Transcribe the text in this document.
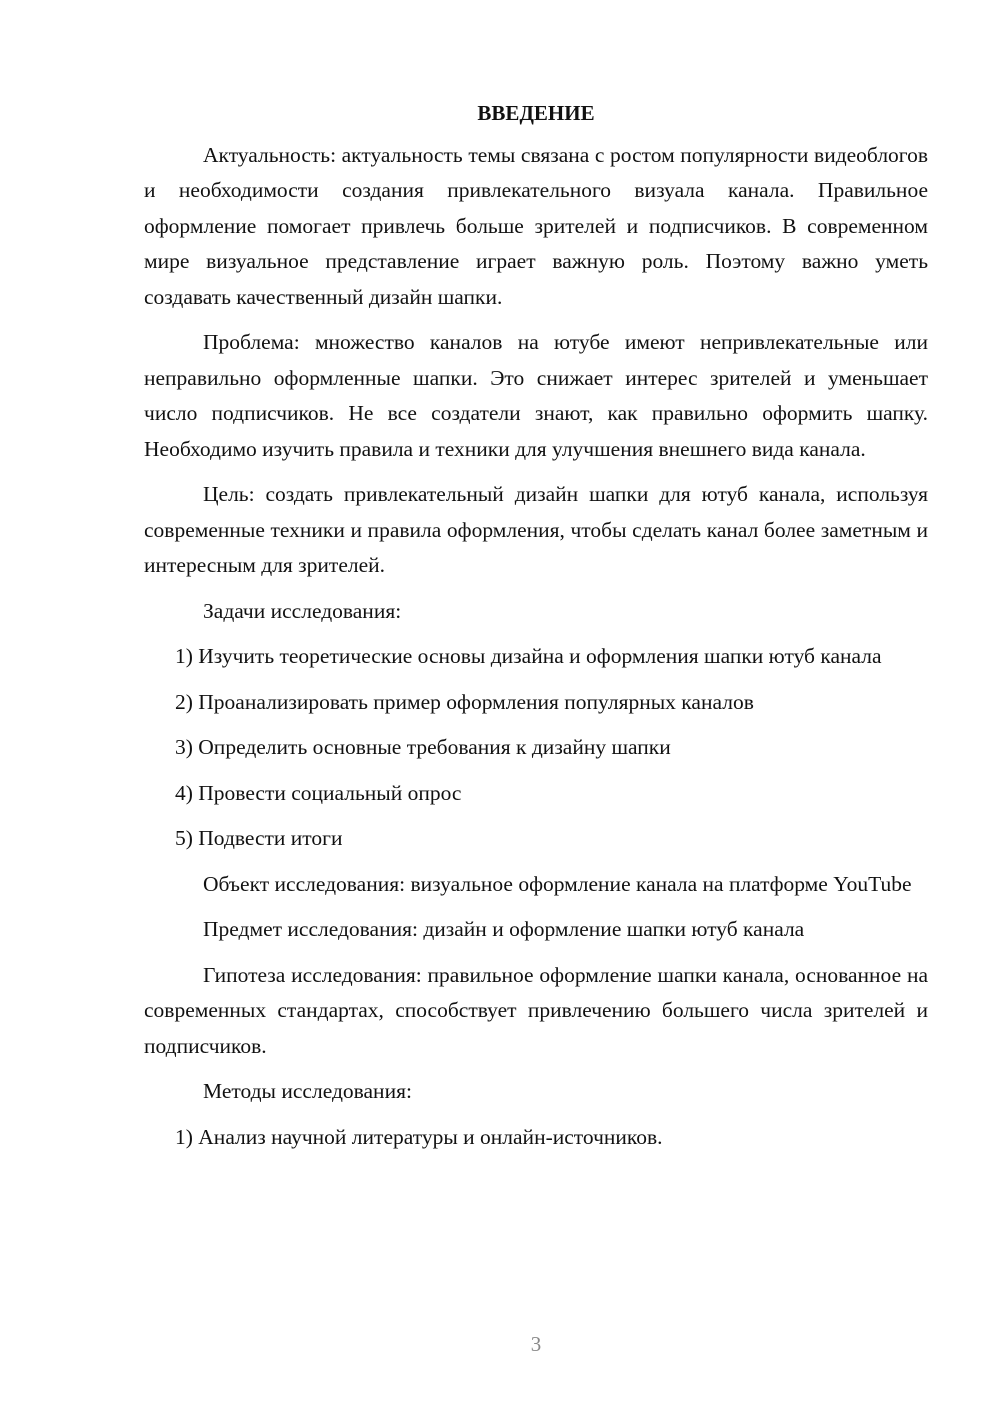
ВВЕДЕНИЕ

Актуальность: актуальность темы связана с ростом популярности видеоблогов и необходимости создания привлекательного визуала канала. Правильное оформление помогает привлечь больше зрителей и подписчиков. В современном мире визуальное представление играет важную роль. Поэтому важно уметь создавать качественный дизайн шапки.

Проблема: множество каналов на ютубе имеют непривлекательные или неправильно оформленные шапки. Это снижает интерес зрителей и уменьшает число подписчиков. Не все создатели знают, как правильно оформить шапку. Необходимо изучить правила и техники для улучшения внешнего вида канала.

Цель: создать привлекательный дизайн шапки для ютуб канала, используя современные техники и правила оформления, чтобы сделать канал более заметным и интересным для зрителей.

Задачи исследования:

1) Изучить теоретические основы дизайна и оформления шапки ютуб канала

2) Проанализировать пример оформления популярных каналов

3) Определить основные требования к дизайну шапки

4) Провести социальный опрос

5) Подвести итоги

Объект исследования: визуальное оформление канала на платформе YouTube

Предмет исследования: дизайн и оформление шапки ютуб канала

Гипотеза исследования: правильное оформление шапки канала, основанное на современных стандартах, способствует привлечению большего числа зрителей и подписчиков.

Методы исследования:

1) Анализ научной литературы и онлайн-источников.

3
